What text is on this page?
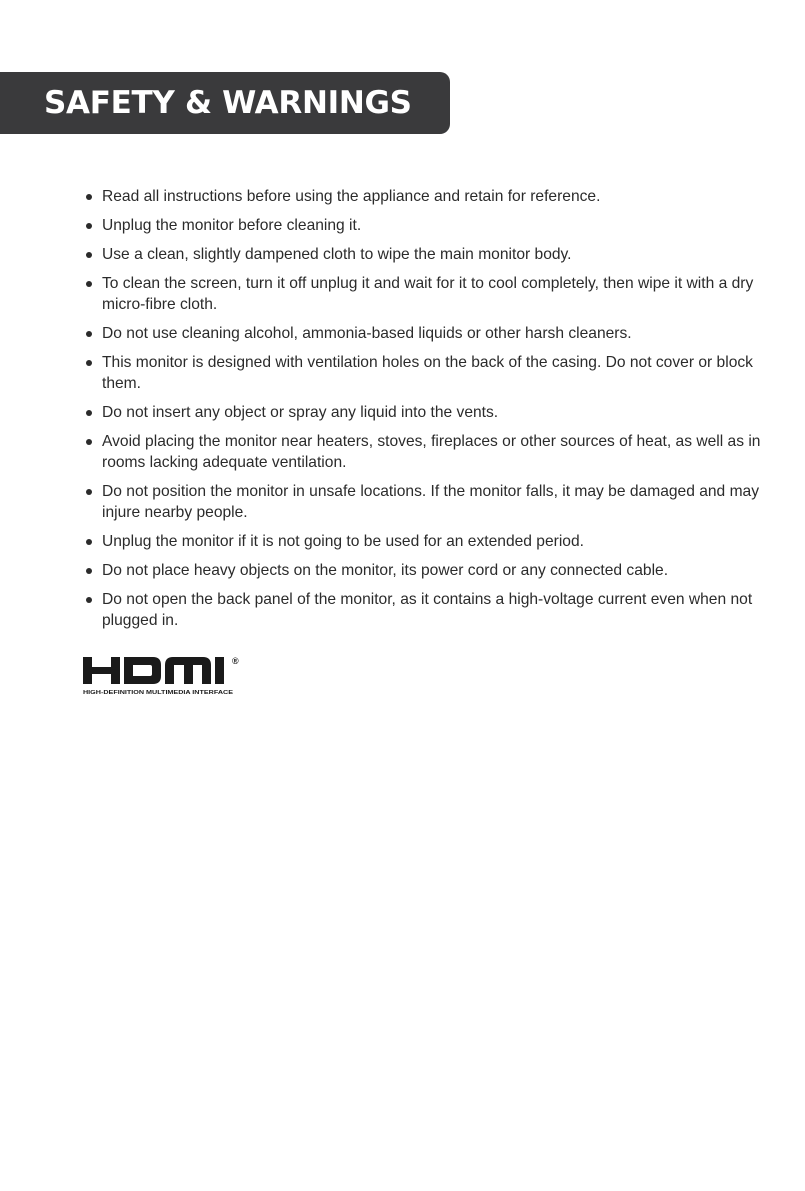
SAFETY & WARNINGS
Read all instructions before using the appliance and retain for reference.
Unplug the monitor before cleaning it.
Use a clean, slightly dampened cloth to wipe the main monitor body.
To clean the screen, turn it off unplug it and wait for it to cool completely, then wipe it with a dry micro-fibre cloth.
Do not use cleaning alcohol, ammonia-based liquids or other harsh cleaners.
This monitor is designed with ventilation holes on the back of the casing. Do not cover or block them.
Do not insert any object or spray any liquid into the vents.
Avoid placing the monitor near heaters, stoves, fireplaces or other sources of heat, as well as in rooms lacking adequate ventilation.
Do not position the monitor in unsafe locations. If the monitor falls, it may be damaged and may injure nearby people.
Unplug the monitor if it is not going to be used for an extended period.
Do not place heavy objects on the monitor, its power cord or any connected cable.
Do not open the back panel of the monitor, as it contains a high-voltage current even when not plugged in.
®
HIGH-DEFINITION MULTIMEDIA INTERFACE
